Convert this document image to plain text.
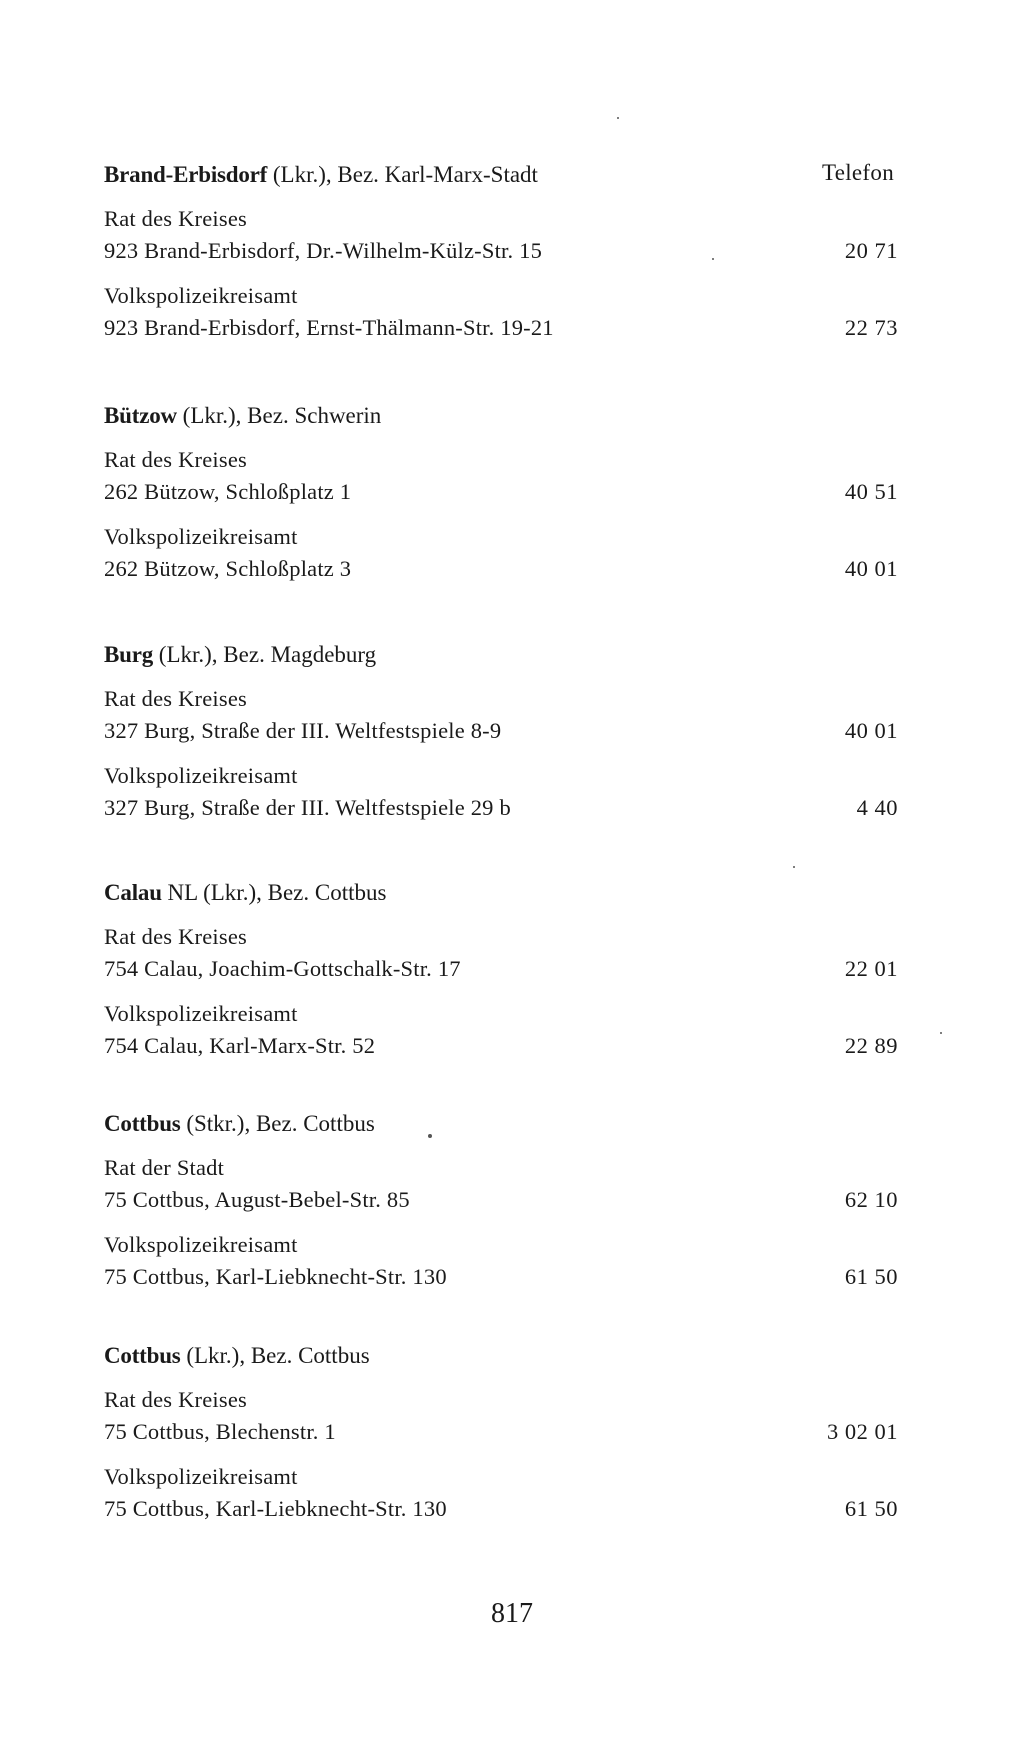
Telefon
Brand-Erbisdorf (Lkr.), Bez. Karl-Marx-Stadt
Rat des Kreises
923 Brand-Erbisdorf, Dr.-Wilhelm-Külz-Str. 15	20 71
Volkspolizeikreisamt
923 Brand-Erbisdorf, Ernst-Thälmann-Str. 19-21	22 73
Bützow (Lkr.), Bez. Schwerin
Rat des Kreises
262 Bützow, Schloßplatz 1	40 51
Volkspolizeikreisamt
262 Bützow, Schloßplatz 3	40 01
Burg (Lkr.), Bez. Magdeburg
Rat des Kreises
327 Burg, Straße der III. Weltfestspiele 8-9	40 01
Volkspolizeikreisamt
327 Burg, Straße der III. Weltfestspiele 29 b	4 40
Calau NL (Lkr.), Bez. Cottbus
Rat des Kreises
754 Calau, Joachim-Gottschalk-Str. 17	22 01
Volkspolizeikreisamt
754 Calau, Karl-Marx-Str. 52	22 89
Cottbus (Stkr.), Bez. Cottbus
Rat der Stadt
75 Cottbus, August-Bebel-Str. 85	62 10
Volkspolizeikreisamt
75 Cottbus, Karl-Liebknecht-Str. 130	61 50
Cottbus (Lkr.), Bez. Cottbus
Rat des Kreises
75 Cottbus, Blechenstr. 1	3 02 01
Volkspolizeikreisamt
75 Cottbus, Karl-Liebknecht-Str. 130	61 50
817
